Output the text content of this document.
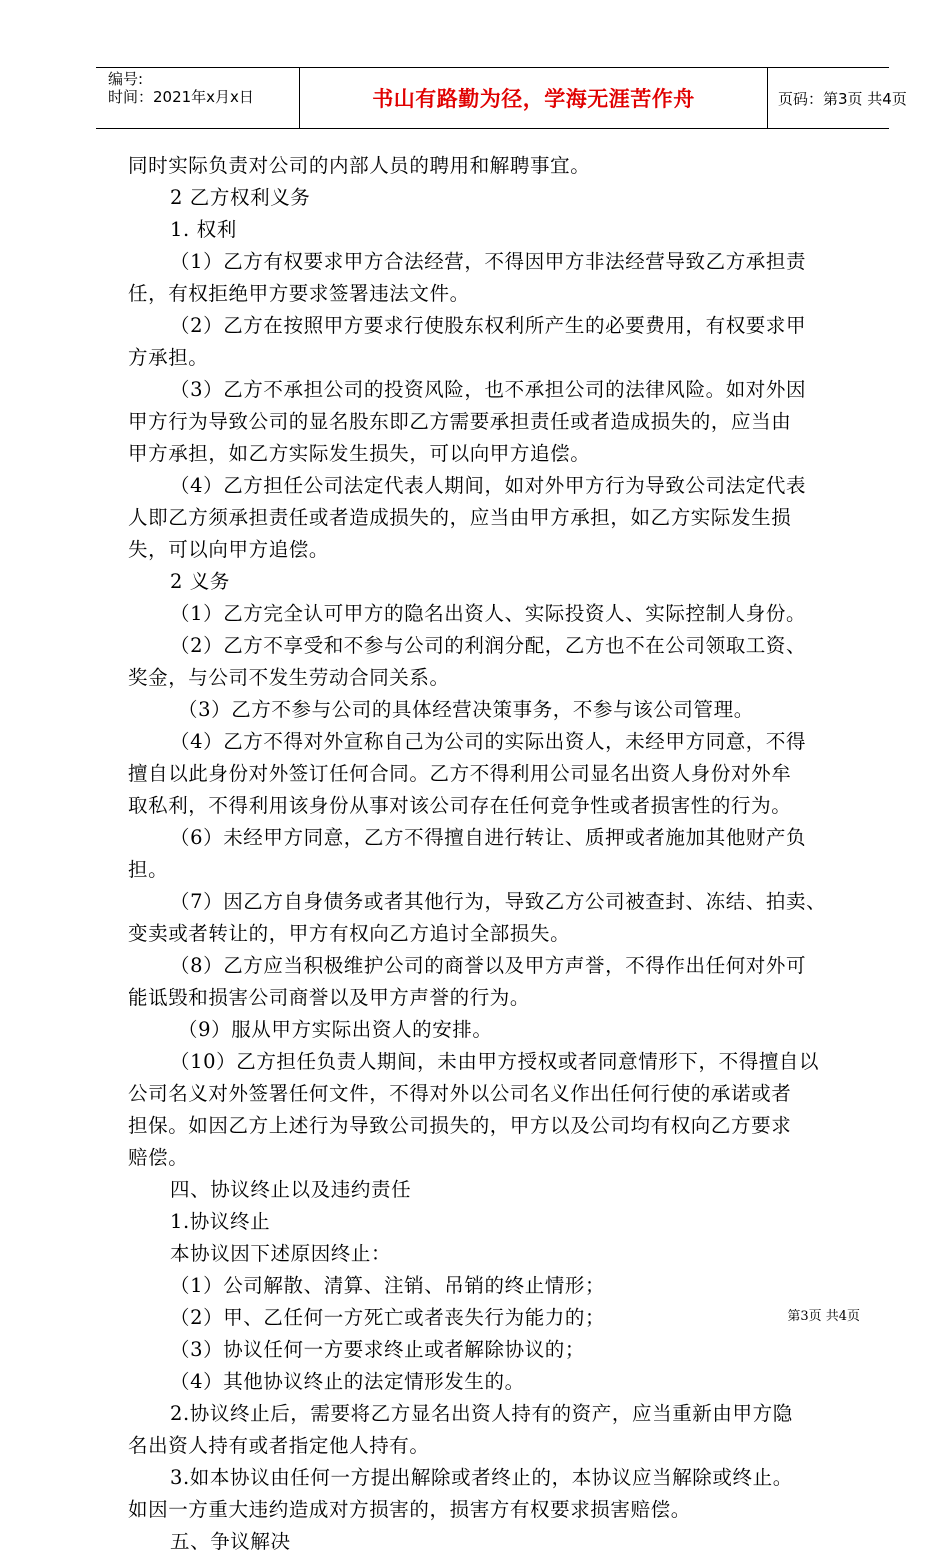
编号:
时间：2021年x月x日	书山有路勤为径，学海无涯苦作舟	页码：第3页 共4页
同时实际负责对公司的内部人员的聘用和解聘事宜。
2 乙方权利义务
1. 权利
（1）乙方有权要求甲方合法经营，不得因甲方非法经营导致乙方承担责
任，有权拒绝甲方要求签署违法文件。
（2）乙方在按照甲方要求行使股东权利所产生的必要费用，有权要求甲
方承担。
（3）乙方不承担公司的投资风险，也不承担公司的法律风险。如对外因
甲方行为导致公司的显名股东即乙方需要承担责任或者造成损失的，应当由
甲方承担，如乙方实际发生损失，可以向甲方追偿。
（4）乙方担任公司法定代表人期间，如对外甲方行为导致公司法定代表
人即乙方须承担责任或者造成损失的，应当由甲方承担，如乙方实际发生损
失，可以向甲方追偿。
2 义务
（1）乙方完全认可甲方的隐名出资人、实际投资人、实际控制人身份。
（2）乙方不享受和不参与公司的利润分配，乙方也不在公司领取工资、
奖金，与公司不发生劳动合同关系。
（3）乙方不参与公司的具体经营决策事务，不参与该公司管理。
（4）乙方不得对外宣称自己为公司的实际出资人，未经甲方同意，不得
擅自以此身份对外签订任何合同。乙方不得利用公司显名出资人身份对外牟
取私利，不得利用该身份从事对该公司存在任何竞争性或者损害性的行为。
（6）未经甲方同意，乙方不得擅自进行转让、质押或者施加其他财产负
担。
（7）因乙方自身债务或者其他行为，导致乙方公司被查封、冻结、拍卖、
变卖或者转让的，甲方有权向乙方追讨全部损失。
（8）乙方应当积极维护公司的商誉以及甲方声誉，不得作出任何对外可
能诋毁和损害公司商誉以及甲方声誉的行为。
（9）服从甲方实际出资人的安排。
（10）乙方担任负责人期间，未由甲方授权或者同意情形下，不得擅自以
公司名义对外签署任何文件，不得对外以公司名义作出任何行使的承诺或者
担保。如因乙方上述行为导致公司损失的，甲方以及公司均有权向乙方要求
赔偿。
四、协议终止以及违约责任
1.协议终止
本协议因下述原因终止：
（1）公司解散、清算、注销、吊销的终止情形；
（2）甲、乙任何一方死亡或者丧失行为能力的；
（3）协议任何一方要求终止或者解除协议的；
（4）其他协议终止的法定情形发生的。
2.协议终止后，需要将乙方显名出资人持有的资产，应当重新由甲方隐
名出资人持有或者指定他人持有。
3.如本协议由任何一方提出解除或者终止的，本协议应当解除或终止。
如因一方重大违约造成对方损害的，损害方有权要求损害赔偿。
五、争议解决
第3页 共4页
